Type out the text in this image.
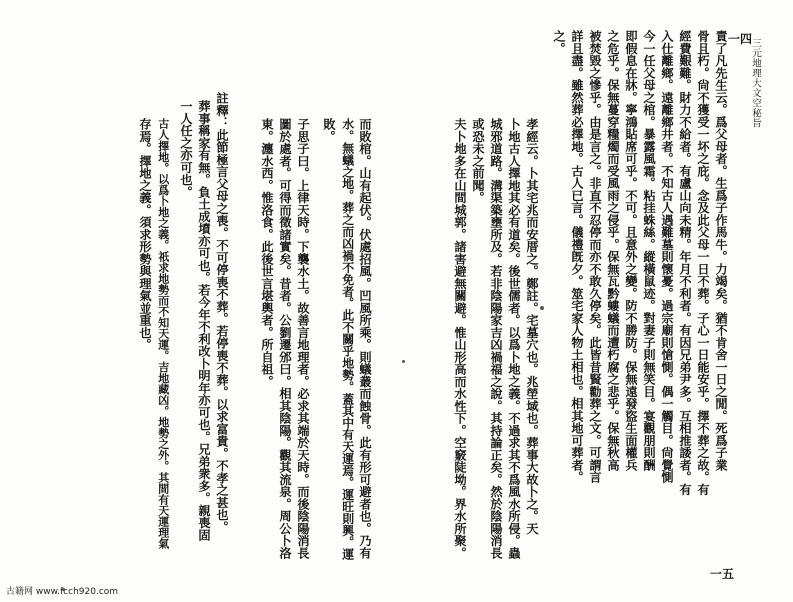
三元地理大文空秘旨
一四
一五
古籍网 www.fcch920.com
責了凡先生云。爲父母者。生爲子作馬牛。力竭矣。猶不肯舍一日之閒。死爲子業
骨且朽。尙不獲受一坏之庇。念及此父母一日不葬。子心一日能安乎。擇不葬之故。有
經費艱難。財力不給者。有盧山向未精。年月不利者。有因兄弟尹多。互相推諉者。有
入仕離鄉。遠離鄉井者。不知古人遇難墓則懷憂。過宗廟則愴惻。偶一觸目。尙覺惻
今一任父母之棺。暴露風霜。粘挂蛛絲。縱橫鼠迹。對妻子則無笑目。宴觀朋則酬
即假息在牀。寧鴻貼席可乎。不可。且意外之變。防不勝防。保無遠發盜生面權兵
之危乎。保無蔓穿糧燭而受風雨之侵乎。保無瓦黔螻蟻而遭朽腐之悲乎。保無秋高
被焚毀之慘乎。由是言之。非直不忍停而亦不敢久停矣。此皆昔賢勸葬之文。可謂言
詳且盡。雖然葬必擇地。古人已言。儀禮旣夕。筮宅家人物土相也。相其地可葬者。
之。
孝經云。卜其宅兆而安厝之。鄭註。宅墓穴也。兆塋域也。葬事大故卜之。天
卜地古人擇地其必有道矣。後世儒者。以爲卜地之義。不過求其不爲風水所侵。蟲
城邪道路。溝渠築壅所及。若非陰陽家吉凶禍福之說。其持論正矣。然於陰陽消長
或恐未之前聞。
夫卜地多在山間城郭。諸害避無關避。惟山形高而水性下。空竅陡坳。界水所聚。
而敗棺。山有起伏。伏處招風。凹風所乘。則蟻叢而蝕骨。此有形可避者也。乃有
水。無蟻之地。葬之而凶禍不免者。此不關乎地勢。蓋其中有天運焉。運旺則興。運
敗。
子思子曰。上律天時。下襲水土。故善言地理者。必求其端於天時。而後陰陽消長
圖於處者。可得而徵諸實矣。昔者。公劉遷邠曰。相其陰陽。觀其流泉。周公卜洛
東。瀍水西。惟洛食。此後世言堪輿者。所自祖。
註釋：此節極言父母之喪。不可停喪不葬。若停喪不葬。以求富貴。不孝之甚也。
葬事稱家有無。負土成墳亦可也。若今年不利改卜明年亦可也。兄弟衆多。親喪固
一人任之亦可也。
古人擇地。以爲卜地之義。祇求地勢而不知天運。吉地藏凶。地勢之外。其間有天運理氣
存焉。擇地之義。須求形勢與理氣並重也。
